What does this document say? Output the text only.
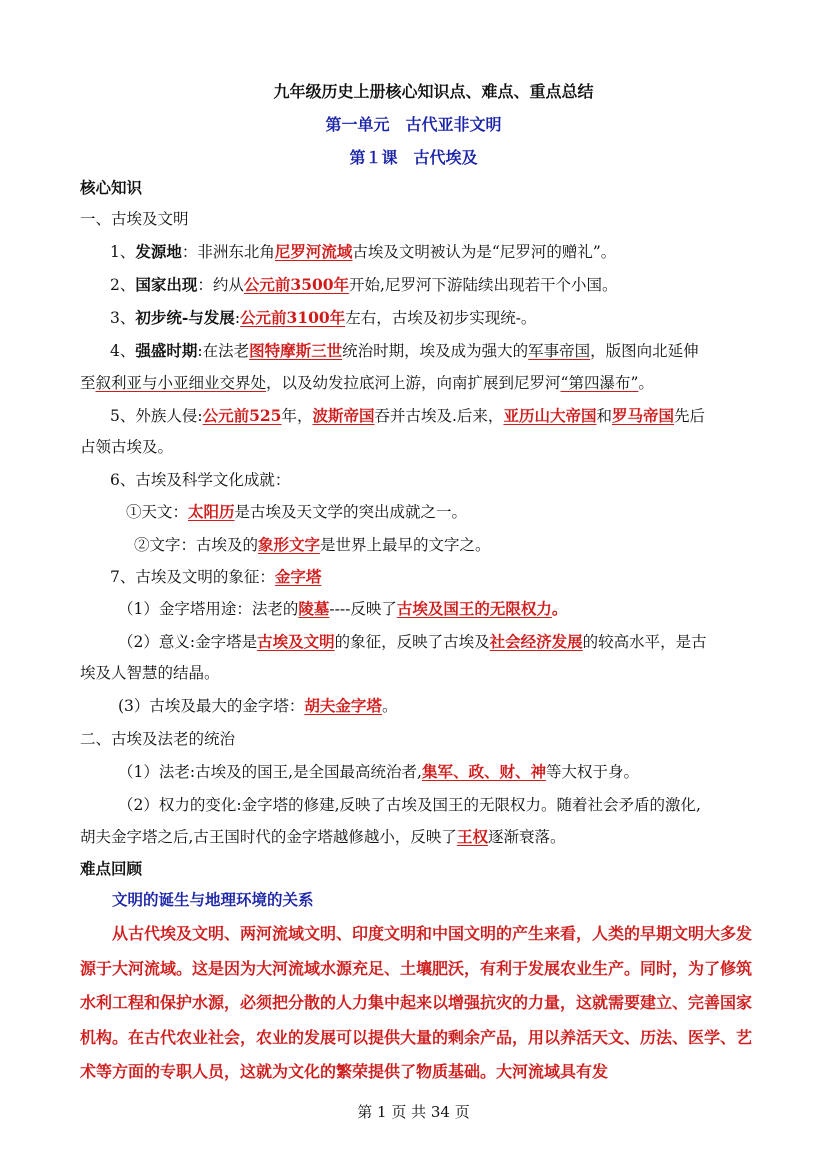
九年级历史上册核心知识点、难点、重点总结
第一单元　古代亚非文明
第１课　古代埃及
核心知识
一、古埃及文明
1、发源地：非洲东北角尼罗河流域古埃及文明被认为是“尼罗河的赠礼”。
2、国家出现：约从公元前3500年开始,尼罗河下游陆续出现若干个小国。
3、初步统-与发展:公元前3100年左右，古埃及初步实现统-。
4、强盛时期:在法老图特摩斯三世统治时期，埃及成为强大的军事帝国，版图向北延伸
至叙利亚与小亚细业交界处，以及幼发拉底河上游，向南扩展到尼罗河“第四瀑布”。
5、外族人侵:公元前525年，波斯帝国吞并古埃及.后来，亚历山大帝国和罗马帝国先后
占领古埃及。
6、古埃及科学文化成就：
①天文：太阳历是古埃及天文学的突出成就之一。
②文字：古埃及的象形文字是世界上最早的文字之。
7、古埃及文明的象征：金字塔
（1）金字塔用途：法老的陵墓----反映了古埃及国王的无限权力。
（2）意义:金字塔是古埃及文明的象征，反映了古埃及社会经济发展的较高水平，是古
埃及人智慧的结晶。
(3）古埃及最大的金字塔：胡夫金字塔。
二、古埃及法老的统治
（1）法老:古埃及的国王,是全国最高统治者,集军、政、财、神等大权于身。
（2）权力的变化:金字塔的修建,反映了古埃及国王的无限权力。随着社会矛盾的激化,
胡夫金字塔之后,古王国时代的金字塔越修越小，反映了王权逐渐衰落。
难点回顾
文明的诞生与地理环境的关系
从古代埃及文明、两河流域文明、印度文明和中国文明的产生来看，人类的早期文明大多发源于大河流域。这是因为大河流域水源充足、土壤肥沃，有利于发展农业生产。同时，为了修筑水利工程和保护水源，必须把分散的人力集中起来以增强抗灾的力量，这就需要建立、完善国家机构。在古代农业社会，农业的发展可以提供大量的剩余产品，用以养活天文、历法、医学、艺术等方面的专职人员，这就为文化的繁荣提供了物质基础。大河流域具有发
第 1 页 共 34 页
